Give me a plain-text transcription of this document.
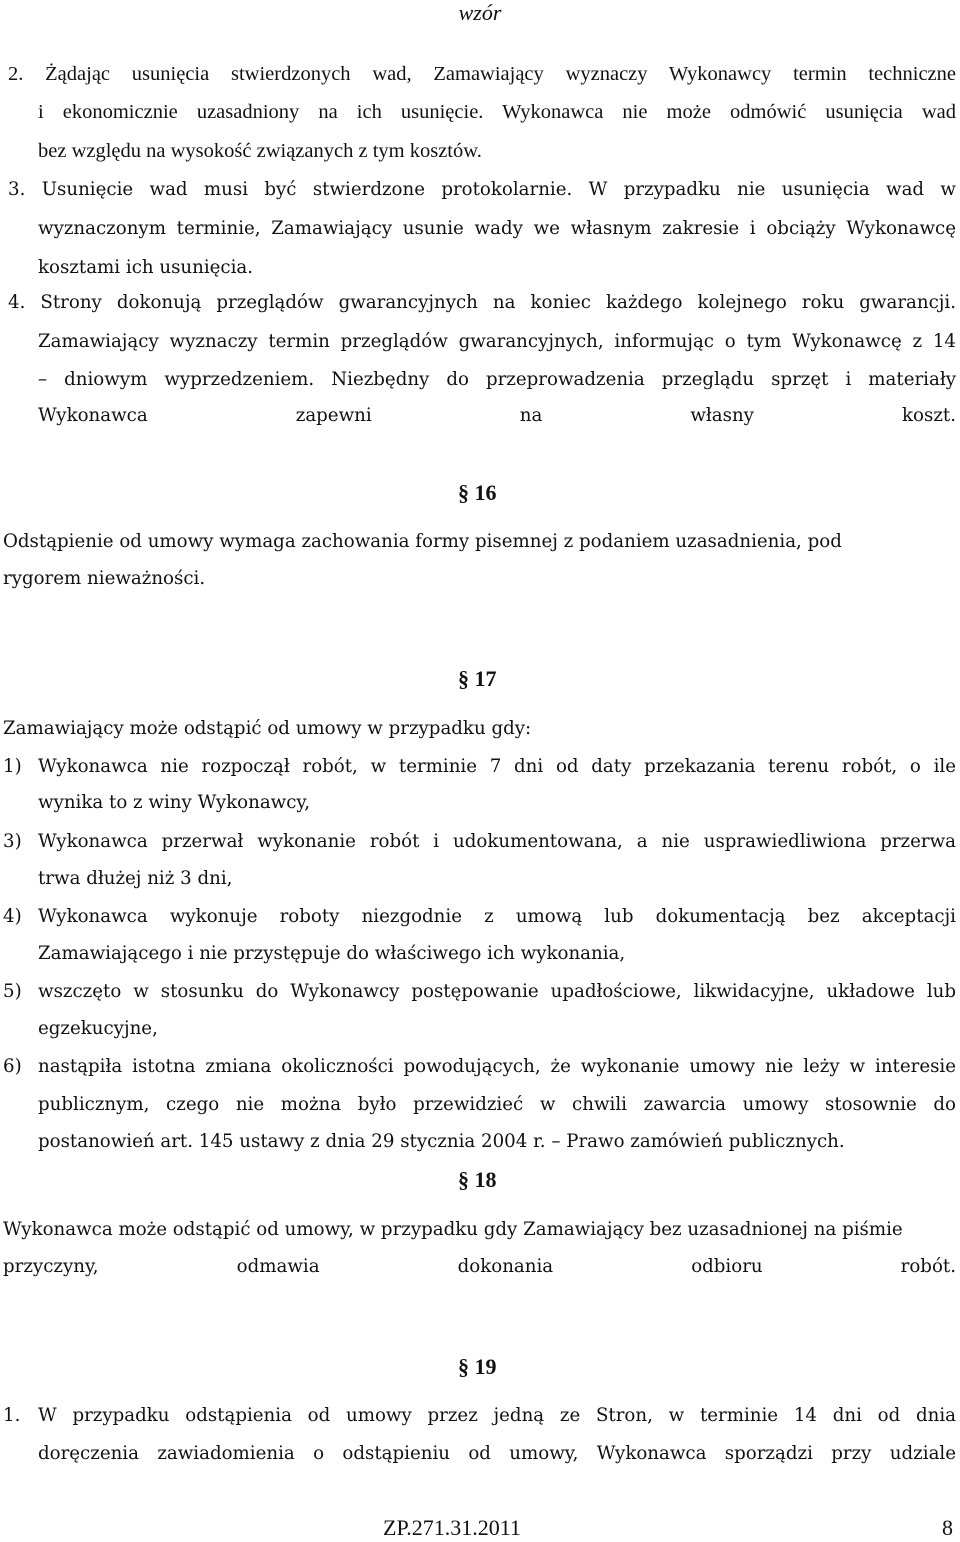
wzór
2. Żądając usunięcia stwierdzonych wad, Zamawiający wyznaczy Wykonawcy termin techniczne
i ekonomicznie uzasadniony na ich usunięcie. Wykonawca nie może odmówić usunięcia wad
bez względu na wysokość związanych z tym kosztów.
3. Usunięcie wad musi być stwierdzone protokolarnie. W przypadku nie usunięcia wad w
wyznaczonym terminie, Zamawiający usunie wady we własnym zakresie i obciąży Wykonawcę
kosztami ich usunięcia.
4. Strony dokonują przeglądów gwarancyjnych na koniec każdego kolejnego roku gwarancji.
Zamawiający wyznaczy termin przeglądów gwarancyjnych, informując o tym Wykonawcę z 14
– dniowym wyprzedzeniem. Niezbędny do przeprowadzenia przeglądu sprzęt i materiały
Wykonawca zapewni na własny koszt.
§ 16
Odstąpienie od umowy wymaga zachowania formy pisemnej z podaniem uzasadnienia, pod
rygorem nieważności.
§ 17
Zamawiający może odstąpić od umowy w przypadku gdy:
1) Wykonawca nie rozpoczął robót, w terminie 7 dni od daty przekazania terenu robót, o ile
wynika to z winy Wykonawcy,
3) Wykonawca przerwał wykonanie robót i udokumentowana, a nie usprawiedliwiona przerwa
trwa dłużej niż 3 dni,
4) Wykonawca wykonuje roboty niezgodnie z umową lub dokumentacją bez akceptacji
Zamawiającego i nie przystępuje do właściwego ich wykonania,
5) wszczęto w stosunku do Wykonawcy postępowanie upadłościowe, likwidacyjne, układowe lub
egzekucyjne,
6) nastąpiła istotna zmiana okoliczności powodujących, że wykonanie umowy nie leży w interesie
publicznym, czego nie można było przewidzieć w chwili zawarcia umowy stosownie do
postanowień art. 145 ustawy z dnia 29 stycznia 2004 r. – Prawo zamówień publicznych.
§ 18
Wykonawca może odstąpić od umowy, w przypadku gdy Zamawiający bez uzasadnionej na piśmie
przyczyny, odmawia dokonania odbioru robót.
§ 19
1. W przypadku odstąpienia od umowy przez jedną ze Stron, w terminie 14 dni od dnia
doręczenia zawiadomienia o odstąpieniu od umowy, Wykonawca sporządzi przy udziale
ZP.271.31.2011	8
